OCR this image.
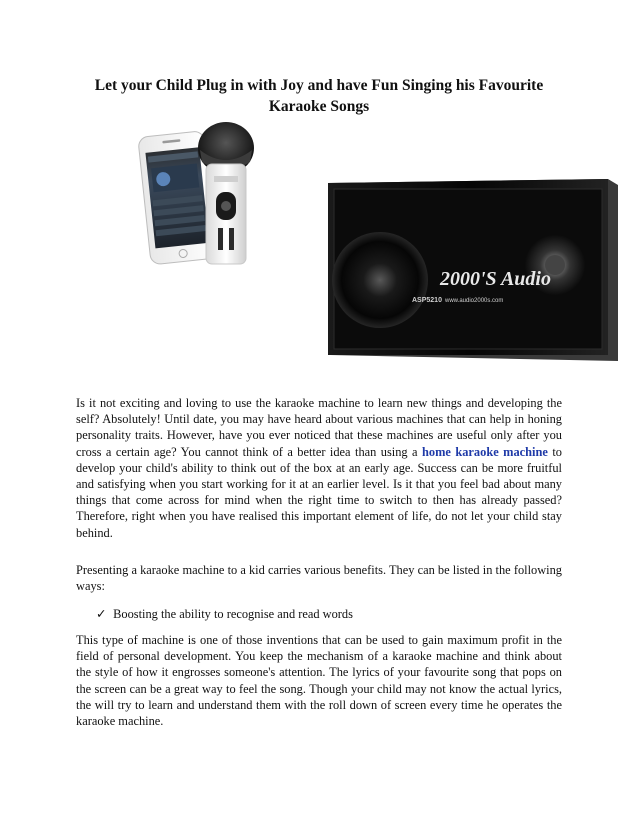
Let your Child Plug in with Joy and have Fun Singing his Favourite Karaoke Songs
2000'S Audio
ASP5210 www.audio2000s.com

Is it not exciting and loving to use the karaoke machine to learn new things and developing the self? Absolutely! Until date, you may have heard about various machines that can help in honing personality traits. However, have you ever noticed that these machines are useful only after you cross a certain age? You cannot think of a better idea than using a home karaoke machine to develop your child's ability to think out of the box at an early age. Success can be more fruitful and satisfying when you start working for it at an earlier level. Is it that you feel bad about many things that come across for mind when the right time to switch to then has already passed? Therefore, right when you have realised this important element of life, do not let your child stay behind.

Presenting a karaoke machine to a kid carries various benefits. They can be listed in the following ways:

✓ Boosting the ability to recognise and read words

This type of machine is one of those inventions that can be used to gain maximum profit in the field of personal development. You keep the mechanism of a karaoke machine and think about the style of how it engrosses someone's attention. The lyrics of your favourite song that pops on the screen can be a great way to feel the song. Though your child may not know the actual lyrics, the will try to learn and understand them with the roll down of screen every time he operates the karaoke machine.
